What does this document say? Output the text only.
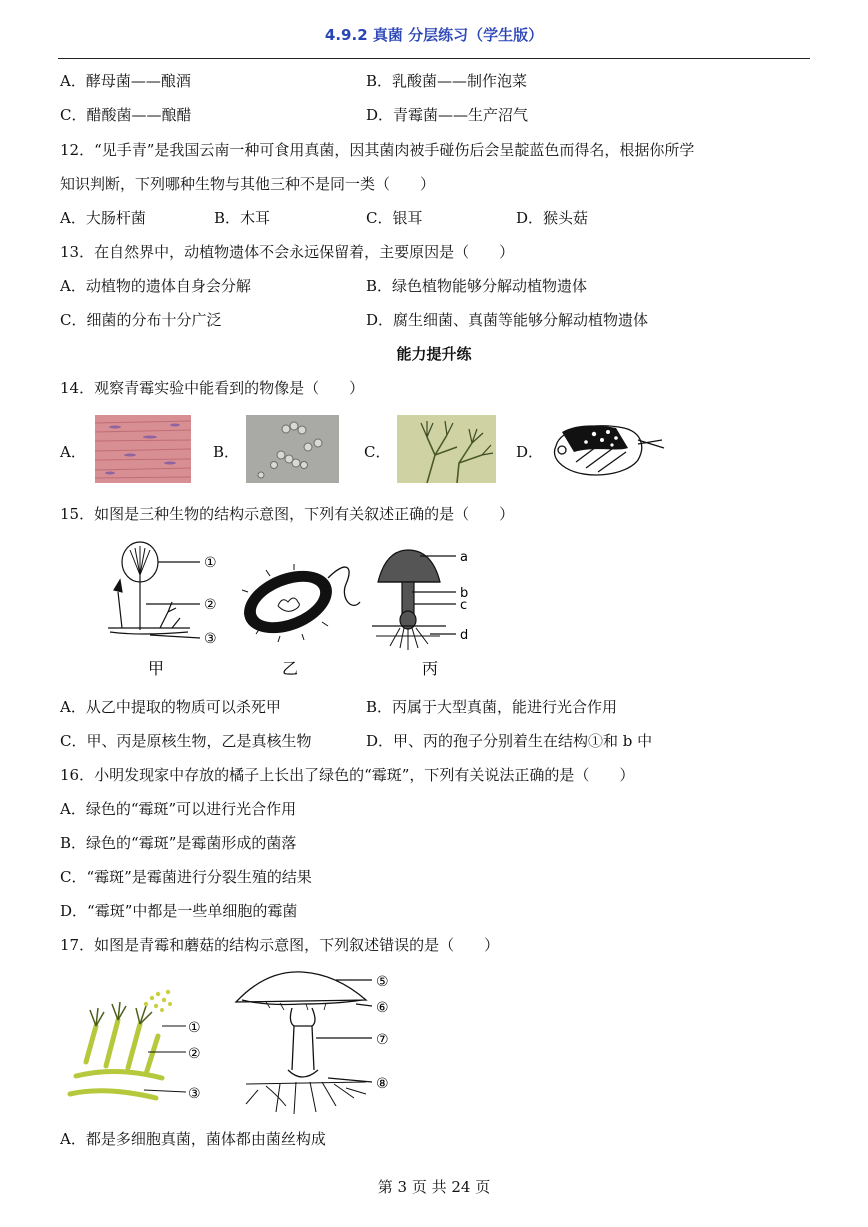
4.9.2 真菌 分层练习（学生版）
A．酵母菌——酿酒	B．乳酸菌——制作泡菜
C．醋酸菌——酿醋	D．青霉菌——生产沼气
12．“见手青”是我国云南一种可食用真菌，因其菌肉被手碰伤后会呈靛蓝色而得名，根据你所学
知识判断，下列哪种生物与其他三种不是同一类（　　）
A．大肠杆菌	B．木耳	C．银耳	D．猴头菇
13．在自然界中，动植物遗体不会永远保留着，主要原因是（　　）
A．动植物的遗体自身会分解	B．绿色植物能够分解动植物遗体
C．细菌的分布十分广泛	D．腐生细菌、真菌等能够分解动植物遗体
能力提升练
14．观察青霉实验中能看到的物像是（　　）
A．	B．	C．	D．
15．如图是三种生物的结构示意图，下列有关叙述正确的是（　　）
①
②
③
甲	乙
a
b
c
d
丙
A．从乙中提取的物质可以杀死甲	B．丙属于大型真菌，能进行光合作用
C．甲、丙是原核生物，乙是真核生物	D．甲、丙的孢子分别着生在结构①和 b 中
16．小明发现家中存放的橘子上长出了绿色的“霉斑”，下列有关说法正确的是（　　）
A．绿色的“霉斑”可以进行光合作用
B．绿色的“霉斑”是霉菌形成的菌落
C．“霉斑”是霉菌进行分裂生殖的结果
D．“霉斑”中都是一些单细胞的霉菌
17．如图是青霉和蘑菇的结构示意图，下列叙述错误的是（　　）
①
②
③
⑤
⑥
⑦
⑧
A．都是多细胞真菌，菌体都由菌丝构成
第 3 页 共 24 页
